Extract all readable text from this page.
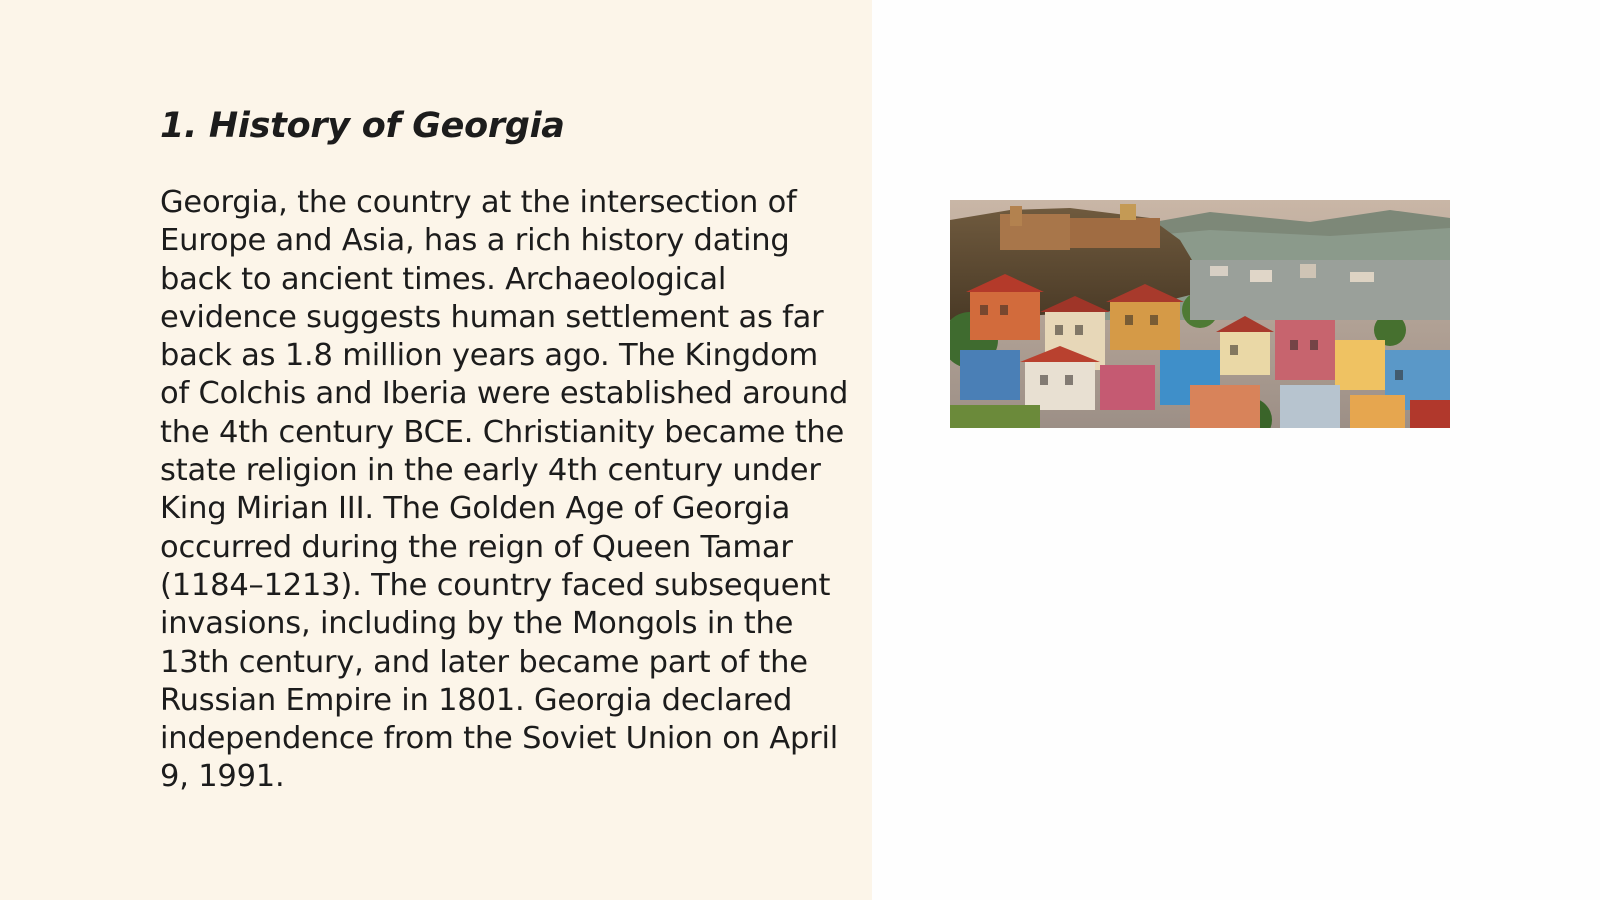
1. History of Georgia

Georgia, the country at the intersection of Europe and Asia, has a rich history dating back to ancient times. Archaeological evidence suggests human settlement as far back as 1.8 million years ago. The Kingdom of Colchis and Iberia were established around the 4th century BCE. Christianity became the state religion in the early 4th century under King Mirian III. The Golden Age of Georgia occurred during the reign of Queen Tamar (1184–1213). The country faced subsequent invasions, including by the Mongols in the 13th century, and later became part of the Russian Empire in 1801. Georgia declared independence from the Soviet Union on April 9, 1991.
